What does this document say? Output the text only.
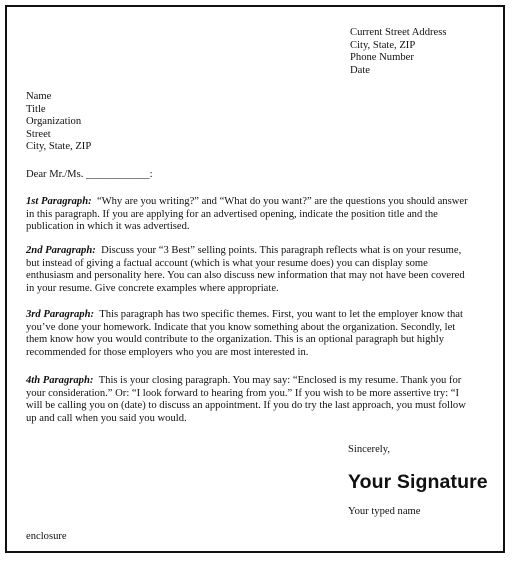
Current Street Address
City, State, ZIP
Phone Number
Date
Name
Title
Organization
Street
City, State, ZIP
Dear Mr./Ms. ____________:

1st Paragraph: “Why are you writing?” and “What do you want?” are the questions you should answer
in this paragraph. If you are applying for an advertised opening, indicate the position title and the
publication in which it was advertised.

2nd Paragraph: Discuss your “3 Best” selling points. This paragraph reflects what is on your resume,
but instead of giving a factual account (which is what your resume does) you can display some
enthusiasm and personality here. You can also discuss new information that may not have been covered
in your resume. Give concrete examples where appropriate.

3rd Paragraph: This paragraph has two specific themes. First, you want to let the employer know that
you’ve done your homework. Indicate that you know something about the organization. Secondly, let
them know how you would contribute to the organization. This is an optional paragraph but highly
recommended for those employers who you are most interested in.

4th Paragraph: This is your closing paragraph. You may say: “Enclosed is my resume. Thank you for
your consideration.” Or: “I look forward to hearing from you.” If you wish to be more assertive try: “I
will be calling you on (date) to discuss an appointment. If you do try the last approach, you must follow
up and call when you said you would.

Sincerely,
Your Signature
Your typed name
enclosure
